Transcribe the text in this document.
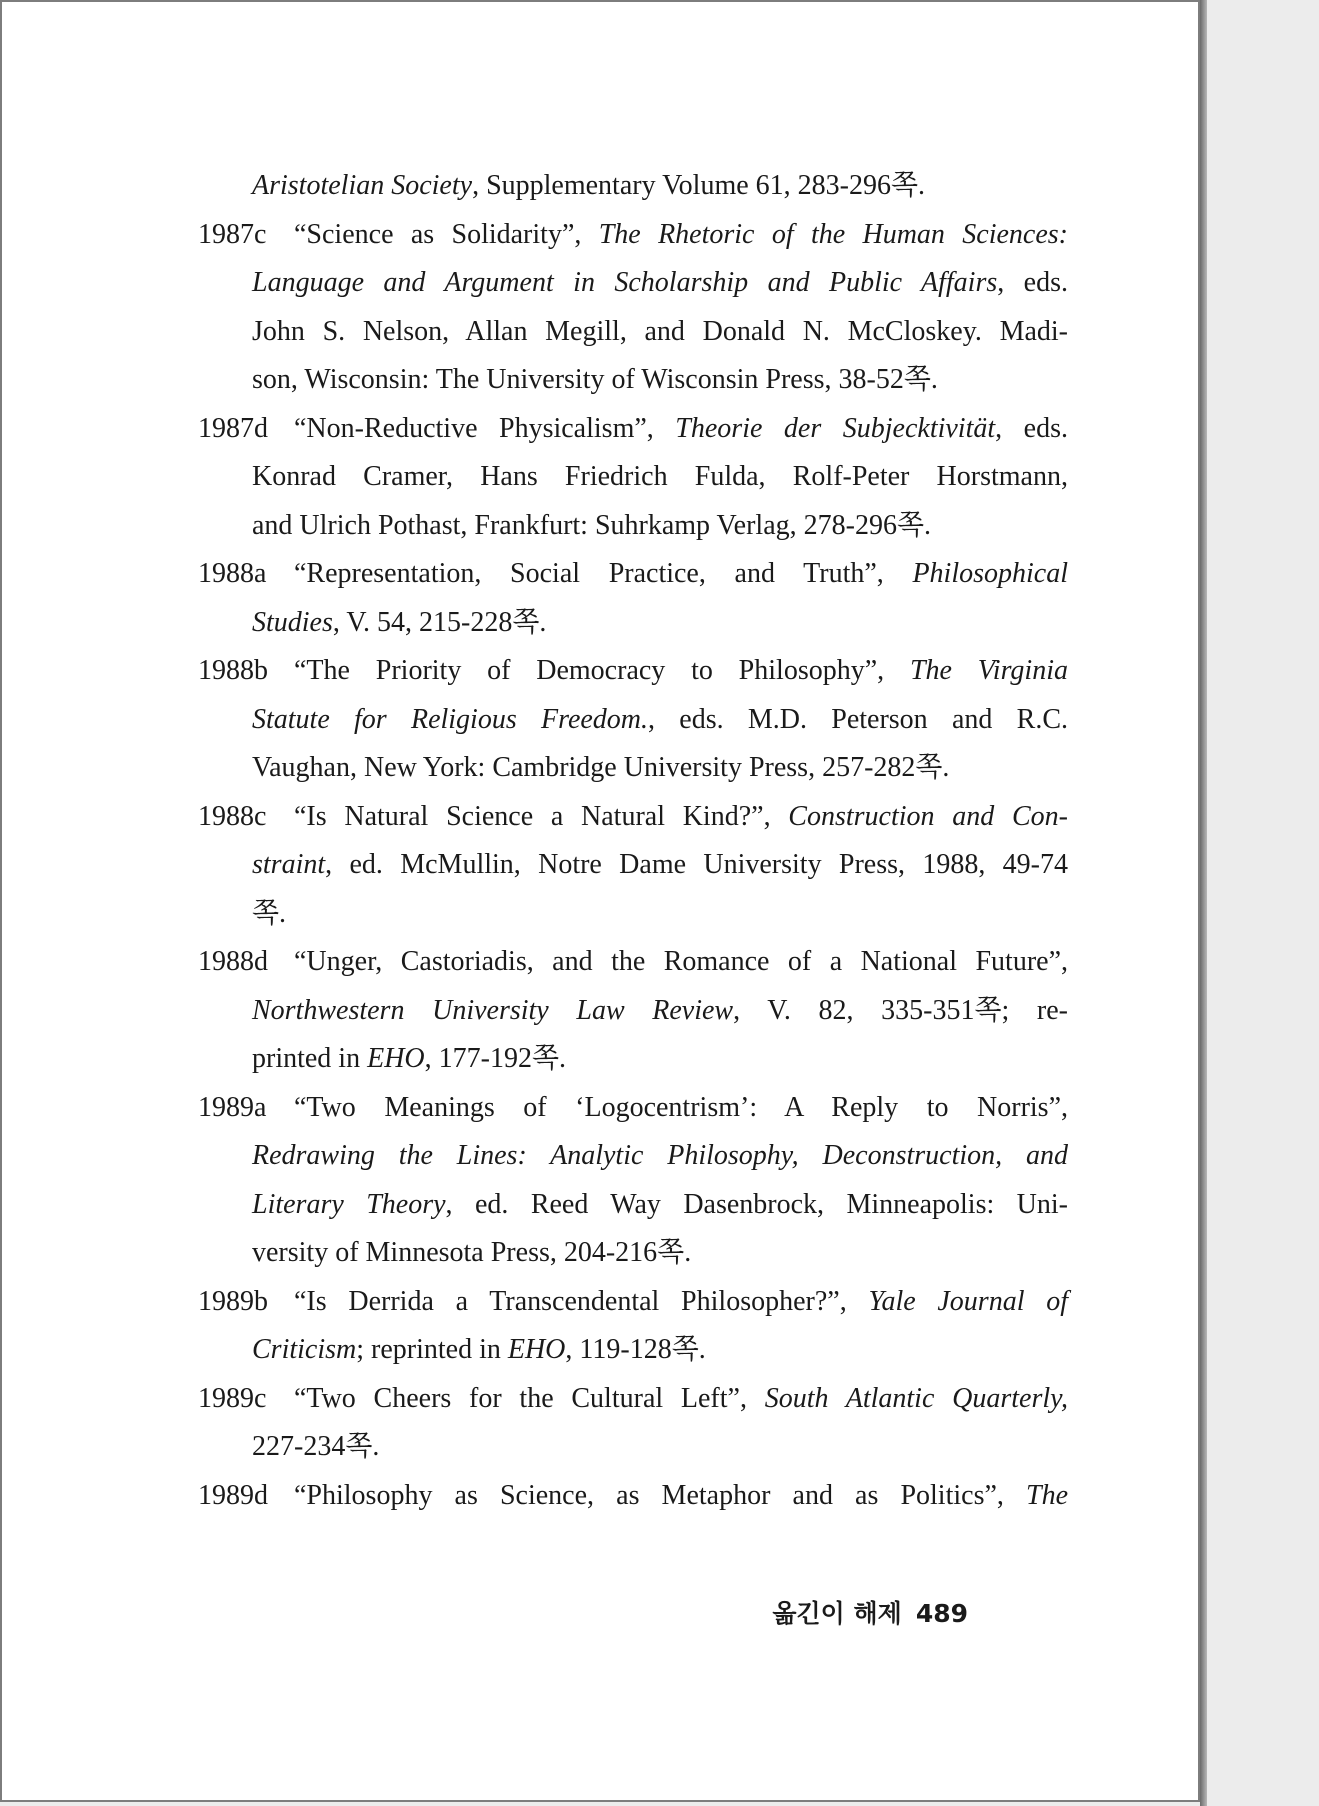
Aristotelian Society, Supplementary Volume 61, 283-296쪽.
1987c “Science as Solidarity”, The Rhetoric of the Human Sciences:
Language and Argument in Scholarship and Public Affairs, eds.
John S. Nelson, Allan Megill, and Donald N. McCloskey. Madi-
son, Wisconsin: The University of Wisconsin Press, 38-52쪽.
1987d “Non-Reductive Physicalism”, Theorie der Subjecktivität, eds.
Konrad Cramer, Hans Friedrich Fulda, Rolf-Peter Horstmann,
and Ulrich Pothast, Frankfurt: Suhrkamp Verlag, 278-296쪽.
1988a “Representation, Social Practice, and Truth”, Philosophical
Studies, V. 54, 215-228쪽.
1988b “The Priority of Democracy to Philosophy”, The Virginia
Statute for Religious Freedom., eds. M.D. Peterson and R.C.
Vaughan, New York: Cambridge University Press, 257-282쪽.
1988c “Is Natural Science a Natural Kind?”, Construction and Con-
straint, ed. McMullin, Notre Dame University Press, 1988, 49-74
쪽.
1988d “Unger, Castoriadis, and the Romance of a National Future”,
Northwestern University Law Review, V. 82, 335-351쪽; re-
printed in EHO, 177-192쪽.
1989a “Two Meanings of ‘Logocentrism’: A Reply to Norris”,
Redrawing the Lines: Analytic Philosophy, Deconstruction, and
Literary Theory, ed. Reed Way Dasenbrock, Minneapolis: Uni-
versity of Minnesota Press, 204-216쪽.
1989b “Is Derrida a Transcendental Philosopher?”, Yale Journal of
Criticism; reprinted in EHO, 119-128쪽.
1989c “Two Cheers for the Cultural Left”, South Atlantic Quarterly,
227-234쪽.
1989d “Philosophy as Science, as Metaphor and as Politics”, The
옮긴이 해제 489
